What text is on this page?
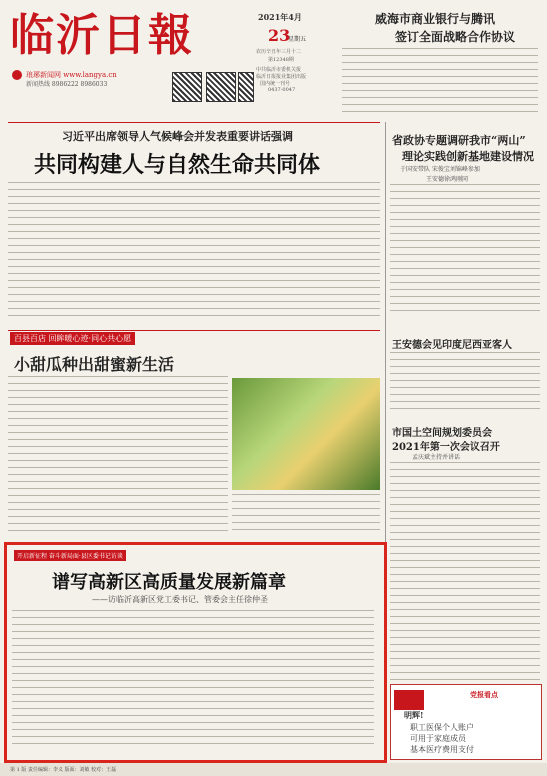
临沂日報
琅琊新闻网 www.langya.cn
新闻热线 8986222 8986033
2021年4月
23
星期五
农历辛丑年三月十二
第12348期
中共临沂市委机关报
临沂日报报业集团出版
国内统一刊号
0437-0047
威海市商业银行与腾讯
签订全面战略合作协议
习近平出席领导人气候峰会并发表重要讲话强调
共同构建人与自然生命共同体
省政协专题调研我市“两山”
理论实践创新基地建设情况
于国安带队 宋俊宝刘锦峰参加
王安德徐鸿刚同
王安德会见印度尼西亚客人
市国土空间规划委员会
2021年第一次会议召开
孟庆斌主持并讲话
百县百店 回眸暖心迹·同心共心愿
小甜瓜种出甜蜜新生活
开启新征程 奋斗新局面·县区委书记访谈
谱写高新区高质量发展新篇章
——访临沂高新区党工委书记、管委会主任徐仲圣
党报看点
明辉!
职工医保个人账户
可用于家庭成员
基本医疗费用支付
第 1 版 责任编辑：李义 版面：刘敏 校对：王磊
